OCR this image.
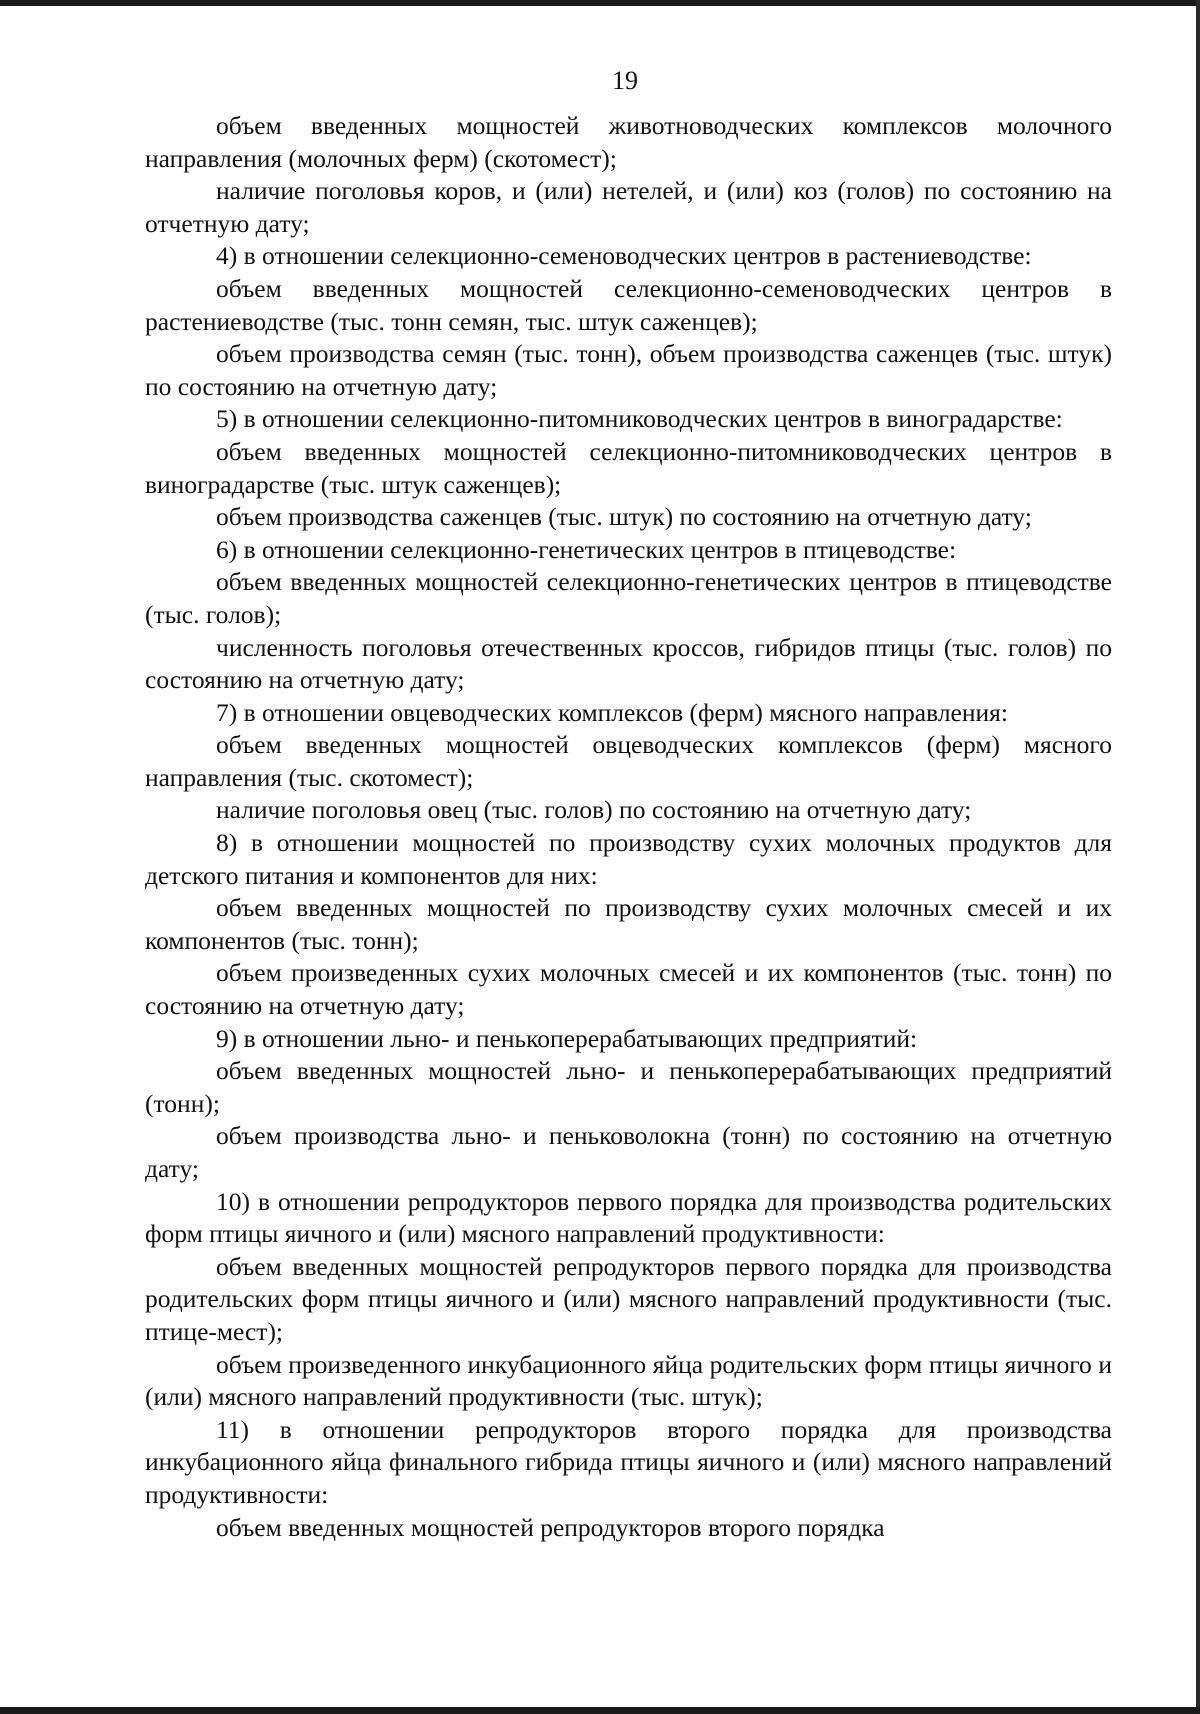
19

объем введенных мощностей животноводческих комплексов молочного направления (молочных ферм) (скотомест);

наличие поголовья коров, и (или) нетелей, и (или) коз (голов) по состоянию на отчетную дату;

4) в отношении селекционно-семеноводческих центров в растениеводстве:

объем введенных мощностей селекционно-семеноводческих центров в растениеводстве (тыс. тонн семян, тыс. штук саженцев);

объем производства семян (тыс. тонн), объем производства саженцев (тыс. штук) по состоянию на отчетную дату;

5) в отношении селекционно-питомниководческих центров в виноградарстве:

объем введенных мощностей селекционно-питомниководческих центров в виноградарстве (тыс. штук саженцев);

объем производства саженцев (тыс. штук) по состоянию на отчетную дату;

6) в отношении селекционно-генетических центров в птицеводстве:

объем введенных мощностей селекционно-генетических центров в птицеводстве (тыс. голов);

численность поголовья отечественных кроссов, гибридов птицы (тыс. голов) по состоянию на отчетную дату;

7) в отношении овцеводческих комплексов (ферм) мясного направления:

объем введенных мощностей овцеводческих комплексов (ферм) мясного направления (тыс. скотомест);

наличие поголовья овец (тыс. голов) по состоянию на отчетную дату;

8) в отношении мощностей по производству сухих молочных продуктов для детского питания и компонентов для них:

объем введенных мощностей по производству сухих молочных смесей и их компонентов (тыс. тонн);

объем произведенных сухих молочных смесей и их компонентов (тыс. тонн) по состоянию на отчетную дату;

9) в отношении льно- и пенькоперерабатывающих предприятий:

объем введенных мощностей льно- и пенькоперерабатывающих предприятий (тонн);

объем производства льно- и пеньковолокна (тонн) по состоянию на отчетную дату;

10) в отношении репродукторов первого порядка для производства родительских форм птицы яичного и (или) мясного направлений продуктивности:

объем введенных мощностей репродукторов первого порядка для производства родительских форм птицы яичного и (или) мясного направлений продуктивности (тыс. птице-мест);

объем произведенного инкубационного яйца родительских форм птицы яичного и (или) мясного направлений продуктивности (тыс. штук);

11) в отношении репродукторов второго порядка для производства инкубационного яйца финального гибрида птицы яичного и (или) мясного направлений продуктивности:

объем введенных мощностей репродукторов второго порядка
